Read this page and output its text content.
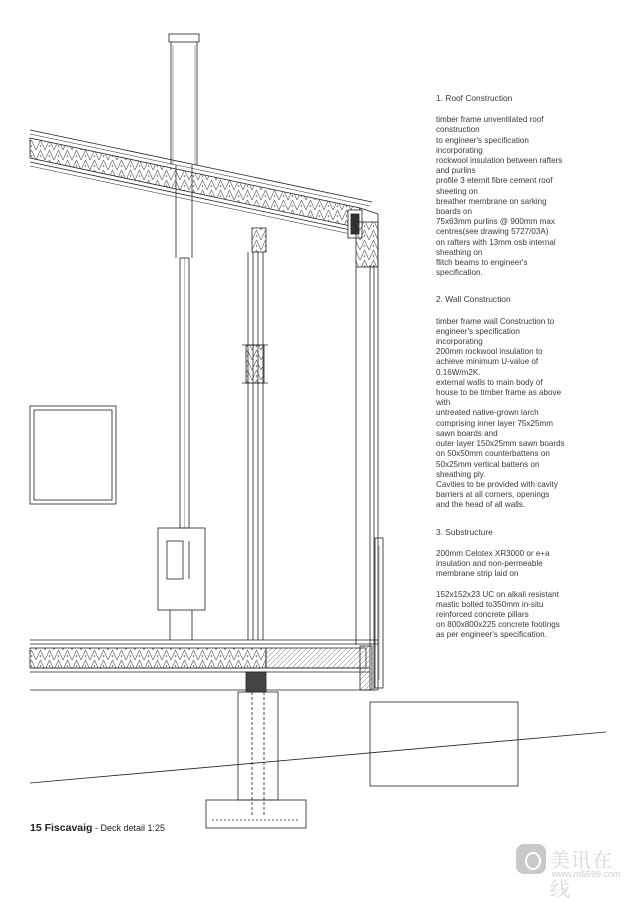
1. Roof Construction

timber frame unventilated roof
construction
to engineer's specification
incorporating
rockwool insulation between rafters
and purlins
profile 3 eternit fibre cement roof
sheeting on
breather membrane on sarking
boards on
75x63mm purlins @ 900mm max
centres(see drawing 5727/03A)
on rafters with 13mm osb internal
sheathing on
flitch beams to engineer's
specification.

2. Wall Construction

timber frame wall Construction to
engineer's specification
incorporating
200mm rockwool insulation to
achieve minimum U-value of
0.16W/m2K.
external walls to main body of
house to be timber frame as above
with
untreated native-grown larch
comprising inner layer 75x25mm
sawn boards and
outer layer 150x25mm sawn boards
on 50x50mm counterbattens on
50x25mm vertical battens on
sheathing ply.
Cavities to be provided with cavity
barriers at all corners, openings
and the head of all walls.

3. Substructure

200mm Celotex XR3000 or e+a
insulation and non-permeable
membrane strip laid on

152x152x23 UC on alkali resistant
mastic bolted to350mm in-situ
reinforced concrete pillars
on 800x800x225 concrete footings
as per engineer's specification.

15 Fiscavaig - Deck detail 1:25
美讯在线
www.m6699.com
